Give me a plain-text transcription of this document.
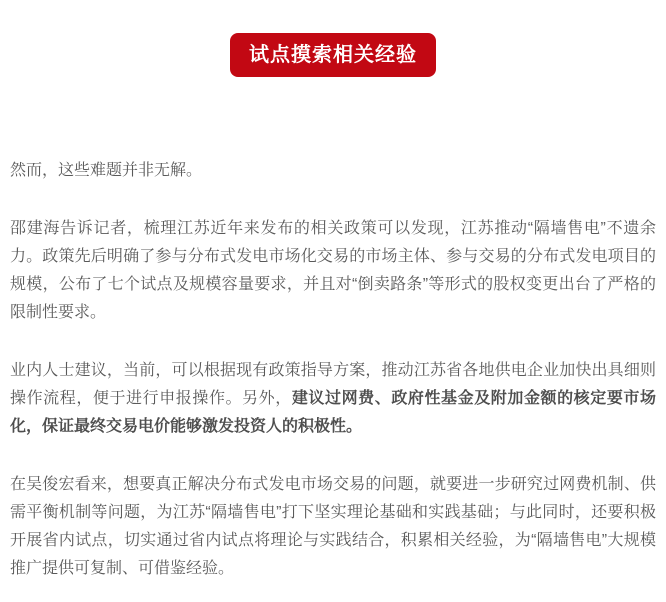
试点摸索相关经验

然而，这些难题并非无解。

邵建海告诉记者，梳理江苏近年来发布的相关政策可以发现，江苏推动“隔墙售电”不遗余力。政策先后明确了参与分布式发电市场化交易的市场主体、参与交易的分布式发电项目的规模，公布了七个试点及规模容量要求，并且对“倒卖路条”等形式的股权变更出台了严格的限制性要求。

业内人士建议，当前，可以根据现有政策指导方案，推动江苏省各地供电企业加快出具细则操作流程，便于进行申报操作。另外，建议过网费、政府性基金及附加金额的核定要市场化，保证最终交易电价能够激发投资人的积极性。

在吴俊宏看来，想要真正解决分布式发电市场交易的问题，就要进一步研究过网费机制、供需平衡机制等问题，为江苏“隔墙售电”打下坚实理论基础和实践基础；与此同时，还要积极开展省内试点，切实通过省内试点将理论与实践结合，积累相关经验，为“隔墙售电”大规模推广提供可复制、可借鉴经验。
